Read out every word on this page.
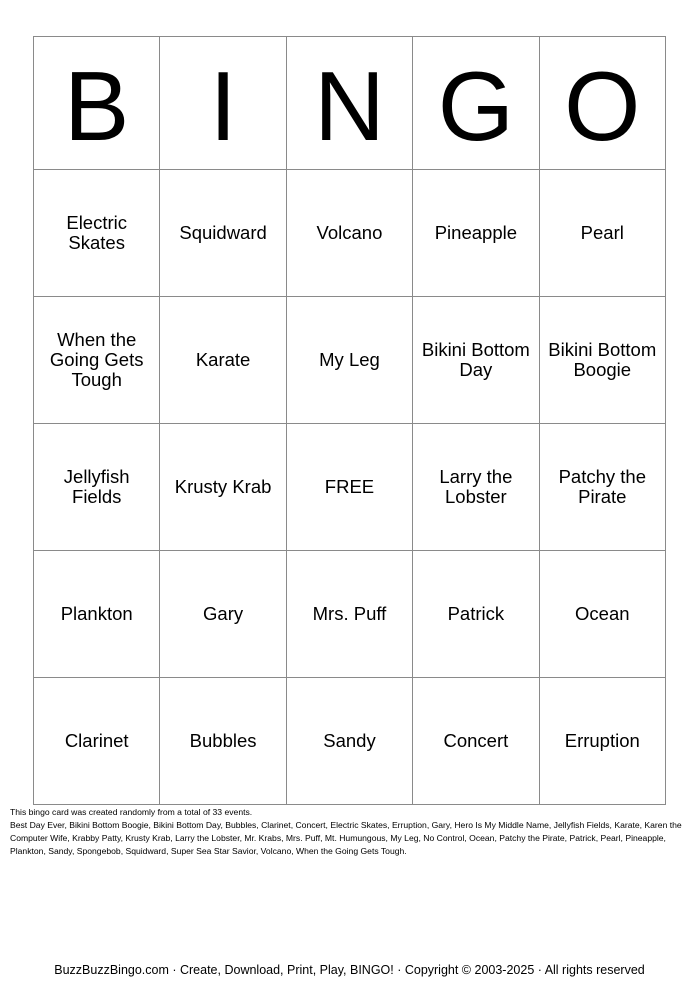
B	I	N	G	O
Electric Skates	Squidward	Volcano	Pineapple	Pearl
When the Going Gets Tough	Karate	My Leg	Bikini Bottom Day	Bikini Bottom Boogie
Jellyfish Fields	Krusty Krab	FREE	Larry the Lobster	Patchy the Pirate
Plankton	Gary	Mrs. Puff	Patrick	Ocean
Clarinet	Bubbles	Sandy	Concert	Erruption

This bingo card was created randomly from a total of 33 events.

Best Day Ever, Bikini Bottom Boogie, Bikini Bottom Day, Bubbles, Clarinet, Concert, Electric Skates, Erruption, Gary, Hero Is My Middle Name, Jellyfish Fields, Karate, Karen the Computer Wife, Krabby Patty, Krusty Krab, Larry the Lobster, Mr. Krabs, Mrs. Puff, Mt. Humungous, My Leg, No Control, Ocean, Patchy the Pirate, Patrick, Pearl, Pineapple, Plankton, Sandy, Spongebob, Squidward, Super Sea Star Savior, Volcano, When the Going Gets Tough.

BuzzBuzzBingo.com · Create, Download, Print, Play, BINGO! · Copyright © 2003-2025 · All rights reserved
